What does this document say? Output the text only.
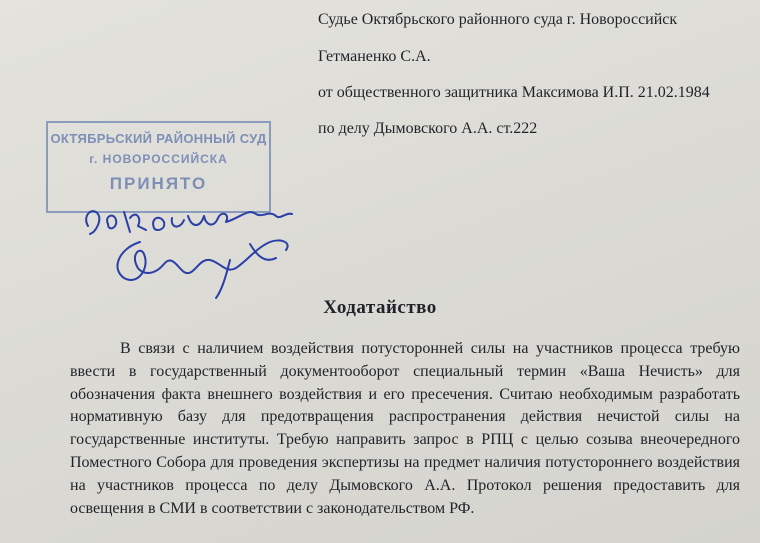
Судье Октябрьского районного суда г. Новороссийск
Гетманенко С.А.
от общественного защитника Максимова И.П. 21.02.1984
по делу Дымовского А.А. ст.222
ОКТЯБРЬСКИЙ РАЙОННЫЙ СУД
г. НОВОРОССИЙСКА
ПРИНЯТО
Ходатайство
В связи с наличием воздействия потусторонней силы на участников процесса требую ввести в государственный документооборот специальный термин «Ваша Нечисть» для обозначения факта внешнего воздействия и его пресечения. Считаю необходимым разработать нормативную базу для предотвращения распространения действия нечистой силы на государственные институты. Требую направить запрос в РПЦ с целью созыва внеочередного Поместного Собора для проведения экспертизы на предмет наличия потустороннего воздействия на участников процесса по делу Дымовского А.А. Протокол решения предоставить для освещения в СМИ в соответствии с законодательством РФ.
